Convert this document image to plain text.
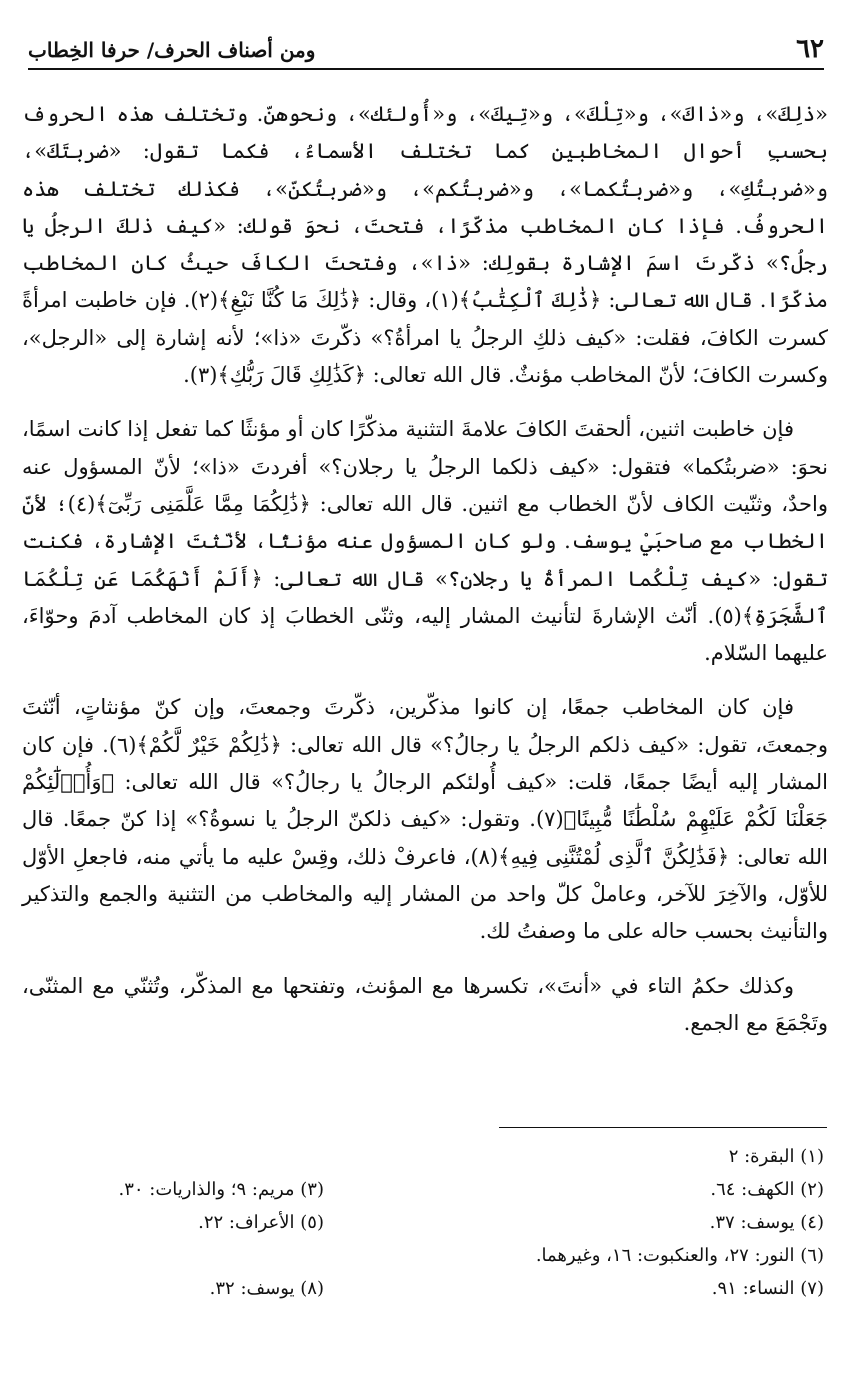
٦٢
ومن أصناف الحرف/ حرفا الخِطاب

«ذلِكَ»، و«ذاكَ»، و«تِلْكَ»، و«تِيكَ»، و«أُولئك»، ونحوهنّ. وتختلف هذه الحروف بحسبِ أحوال المخاطبين كما تختلف الأسماءُ، فكما تقول: «ضربتَكَ»، و«ضربتُكِ»، و«ضربتُكما»، و«ضربتُكم»، و«ضربتُكنّ»، فكذلك تختلف هذه الحروفُ. فإذا كان المخاطب مذكّرًا، فتحتَ، نحوَ قولك: «كيف ذلكَ الرجلُ يا رجلُ؟» ذكّرتَ اسمَ الإشارة بقولِك: «ذا»، وفتحتَ الكافَ حيثُ كان المخاطب مذكّرًا. قال الله تعالى: ﴿ذَٰلِكَ ٱلْكِتَٰبُ﴾(١)، وقال: ﴿ذَٰلِكَ مَا كُنَّا نَبْغِ﴾(٢). فإن خاطبت امرأةً كسرت الكافَ، فقلت: «كيف ذلكِ الرجلُ يا امرأةُ؟» ذكّرتَ «ذا»؛ لأنه إشارة إلى «الرجل»، وكسرت الكافَ؛ لأنّ المخاطب مؤنثٌ. قال الله تعالى: ﴿كَذَٰلِكِ قَالَ رَبُّكِ﴾(٣).

فإن خاطبت اثنين، ألحقتَ الكافَ علامةَ التثنية مذكّرًا كان أو مؤنثًا كما تفعل إذا كانت اسمًا، نحوَ: «ضربتُكما» فتقول: «كيف ذلكما الرجلُ يا رجلان؟» أفردتَ «ذا»؛ لأنّ المسؤول عنه واحدٌ، وثنّيت الكاف لأنّ الخطاب مع اثنين. قال الله تعالى: ﴿ذَٰلِكُمَا مِمَّا عَلَّمَنِى رَبِّىٓ﴾(٤)؛ لأنّ الخطاب مع صاحبَيْ يوسف. ولو كان المسؤول عنه مؤنثًا، لأنّثتَ الإشارة، فكنت تقول: «كيف تِلْكُما المرأةُ يا رجلان؟» قال الله تعالى: ﴿أَلَمْ أَنْهَكُمَا عَن تِلْكُمَا ٱلشَّجَرَةِ﴾(٥). أنّث الإشارةَ لتأنيث المشار إليه، وثنّى الخطابَ إذ كان المخاطب آدمَ وحوّاءَ، عليهما السّلام.

فإن كان المخاطب جمعًا، إن كانوا مذكّرين، ذكّرتَ وجمعتَ، وإن كنّ مؤنثاتٍ، أنّثتَ وجمعتَ، تقول: «كيف ذلكم الرجلُ يا رجالُ؟» قال الله تعالى: ﴿ذَٰلِكُمْ خَيْرٌ لَّكُمْ﴾(٦). فإن كان المشار إليه أيضًا جمعًا، قلت: «كيف أُولئكم الرجالُ يا رجالُ؟» قال الله تعالى: ﴿وَأُو۟لَٰٓئِكُمْ جَعَلْنَا لَكُمْ عَلَيْهِمْ سُلْطَٰنًا مُّبِينًا﴾(٧). وتقول: «كيف ذلكنّ الرجلُ يا نسوةُ؟» إذا كنّ جمعًا. قال الله تعالى: ﴿فَذَٰلِكُنَّ ٱلَّذِى لُمْتُنَّنِى فِيهِ﴾(٨)، فاعرفْ ذلك، وقِسْ عليه ما يأتي منه، فاجعلِ الأوّل للأوّل، والآخِرَ للآخر، وعاملْ كلّ واحد من المشار إليه والمخاطب من التثنية والجمع والتذكير والتأنيث بحسب حاله على ما وصفتُ لك.

وكذلك حكمُ التاء في «أنتَ»، تكسرها مع المؤنث، وتفتحها مع المذكّر، وتُثنّي مع المثنّى، وتَجْمَعَ مع الجمع.

(١) البقرة: ٢
(٢) الكهف: ٦٤.
(٣) مريم: ٩؛ والذاريات: ٣٠.
(٤) يوسف: ٣٧.
(٥) الأعراف: ٢٢.
(٦) النور: ٢٧، والعنكبوت: ١٦، وغيرهما.
(٧) النساء: ٩١.
(٨) يوسف: ٣٢.
